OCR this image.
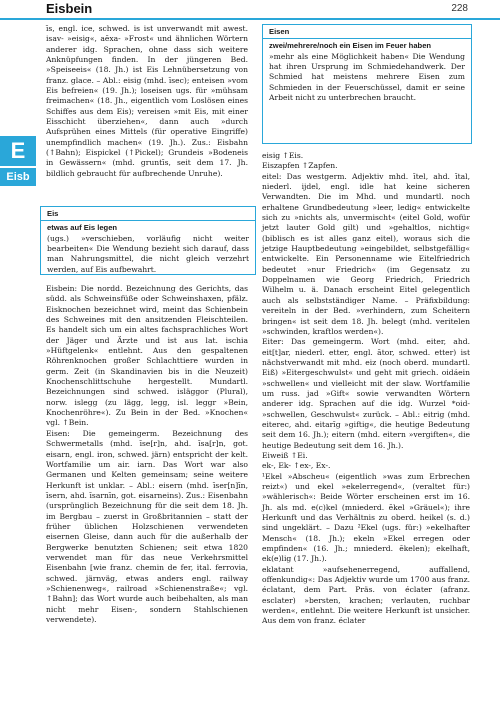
Eisbein	228
E
Eisb

īs, engl. ice, schwed. is ist unverwandt mit awest. isav- »eisig«, aēxa- »Frost« und ähnlichen Wörtern anderer idg. Sprachen, ohne dass sich weitere Anknüpfungen finden. In der jüngeren Bed. »Speiseeis« (18. Jh.) ist Eis Lehnübersetzung von franz. glace. – Abl.: eisig (mhd. īsec); enteisen »vom Eis befreien« (19. Jh.); loseisen ugs. für »mühsam freimachen« (18. Jh., eigentlich vom Loslösen eines Schiffes aus dem Eis); vereisen »mit Eis, mit einer Eisschicht überziehen«, dann auch »durch Aufsprühen eines Mittels (für operative Eingriffe) unempfindlich machen« (19. Jh.). Zus.: Eisbahn (↑Bahn); Eispickel (↑Pickel); Grundeis »Bodeneis in Gewässern« (mhd. gruntīs, seit dem 17. Jh. bildlich gebraucht für aufbrechende Unruhe).

Eis
etwas auf Eis legen
(ugs.) »verschieben, vorläufig nicht weiter bearbeiten« Die Wendung bezieht sich darauf, dass man Nahrungsmittel, die nicht gleich verzehrt werden, auf Eis aufbewahrt.

Eisbein: Die nordd. Bezeichnung des Gerichts, das südd. als Schweinsfüße oder Schweinshaxen, pfälz. Eisknochen bezeichnet wird, meint das Schienbein des Schweines mit den ansitzenden Fleischteilen. Es handelt sich um ein altes fachsprachliches Wort der Jäger und Ärzte und ist aus lat. ischia »Hüftgelenk« entlehnt. Aus den gespaltenen Röhrenknochen großer Schlachttiere wurden in germ. Zeit (in Skandinavien bis in die Neuzeit) Knochenschlittschuhe hergestellt. Mundartl. Bezeichnungen sind schwed. isläggor (Plural), norw. islegg (zu lägg, legg, isl. leggr »Bein, Knochenröhre«). Zu Bein in der Bed. »Knochen« vgl. ↑Bein.

Eisen: Die gemeingerm. Bezeichnung des Schwermetalls (mhd. īse[r]n, ahd. īsa[r]n, got. eisarn, engl. iron, schwed. järn) entspricht der kelt. Wortfamilie um air. iarn. Das Wort war also Germanen und Kelten gemeinsam; seine weitere Herkunft ist unklar. – Abl.: eisern (mhd. īser[n]īn, īsern, ahd. īsarnīn, got. eisarneins). Zus.: Eisenbahn (ursprünglich Bezeichnung für die seit dem 18. Jh. im Bergbau – zuerst in Großbritannien – statt der früher üblichen Holzschienen verwendeten eisernen Gleise, dann auch für die außerhalb der Bergwerke benutzten Schienen; seit etwa 1820 verwendet man für das neue Verkehrsmittel Eisenbahn [wie franz. chemin de fer, ital. ferrovia, schwed. järnväg, etwas anders engl. railway »Schienenweg«, railroad »Schienenstraße«; vgl. ↑Bahn]; das Wort wurde auch beibehalten, als man nicht mehr Eisen-, sondern Stahlschienen verwendete).

Eisen
zwei/mehrere/noch ein Eisen im Feuer haben
»mehr als eine Möglichkeit haben« Die Wendung hat ihren Ursprung im Schmiedehandwerk. Der Schmied hat meistens mehrere Eisen zum Schmieden in der Feuerschüssel, damit er seine Arbeit nicht zu unterbrechen braucht.

eisig ↑Eis.

Eiszapfen ↑Zapfen.

eitel: Das westgerm. Adjektiv mhd. ītel, ahd. ītal, niederl. ijdel, engl. idle hat keine sicheren Verwandten. Die im Mhd. und mundartl. noch erhaltene Grundbedeutung »leer, ledig« entwickelte sich zu »nichts als, unvermischt« (eitel Gold, wofür jetzt lauter Gold gilt) und »gehaltlos, nichtig« (biblisch es ist alles ganz eitel), woraus sich die jetzige Hauptbedeutung »eingebildet, selbstgefällig« entwickelte. Ein Personenname wie Eitelfriedrich bedeutet »nur Friedrich« (im Gegensatz zu Doppelnamen wie Georg Friedrich, Friedrich Wilhelm u. ä. Danach erscheint Eitel gelegentlich auch als selbstständiger Name. – Präfixbildung: vereiteln in der Bed. »verhindern, zum Scheitern bringen« ist seit dem 18. Jh. belegt (mhd. veritelen »schwinden, kraftlos werden«).

Eiter: Das gemeingerm. Wort (mhd. eiter, ahd. eit[t]ar, niederl. etter, engl. ātor, schwed. etter) ist nächstverwandt mit mhd. eiz (noch oberd. mundartl. Eiß) »Eitergeschwulst« und geht mit griech. oidáein »schwellen« und vielleicht mit der slaw. Wortfamilie um russ. jad »Gift« sowie verwandten Wörtern anderer idg. Sprachen auf die idg. Wurzel *oid- »schwellen, Geschwulst« zurück. – Abl.: eitrig (mhd. eiterec, ahd. eitarīg »giftig«, die heutige Bedeutung seit dem 16. Jh.); eitern (mhd. eitern »vergiften«, die heutige Bedeutung seit dem 16. Jh.).

Eiweiß ↑Ei.

ek-, Ek- ↑ex-, Ex-.

¹Ekel »Abscheu« (eigentlich »was zum Erbrechen reizt«) und ekel »ekelerregend«, (veraltet für:) »wählerisch«: Beide Wörter erscheinen erst im 16. Jh. als md. e(c)kel (mniederd. ēkel »Gräuel«); ihre Herkunft und das Verhältnis zu oberd. heikel (s. d.) sind ungeklärt. – Dazu ²Ekel (ugs. für:) »ekelhafter Mensch« (18. Jh.); ekeln »Ekel erregen oder empfinden« (16. Jh.; mniederd. ēkelen); ekelhaft, ek(e)lig (17. Jh.).

eklatant »aufsehenerregend, auffallend, offenkundig«: Das Adjektiv wurde um 1700 aus franz. éclatant, dem Part. Präs. von éclater (afranz. esclater) »bersten, krachen; verlauten, ruchbar werden«, entlehnt. Die weitere Herkunft ist unsicher. Aus dem von franz. éclater
